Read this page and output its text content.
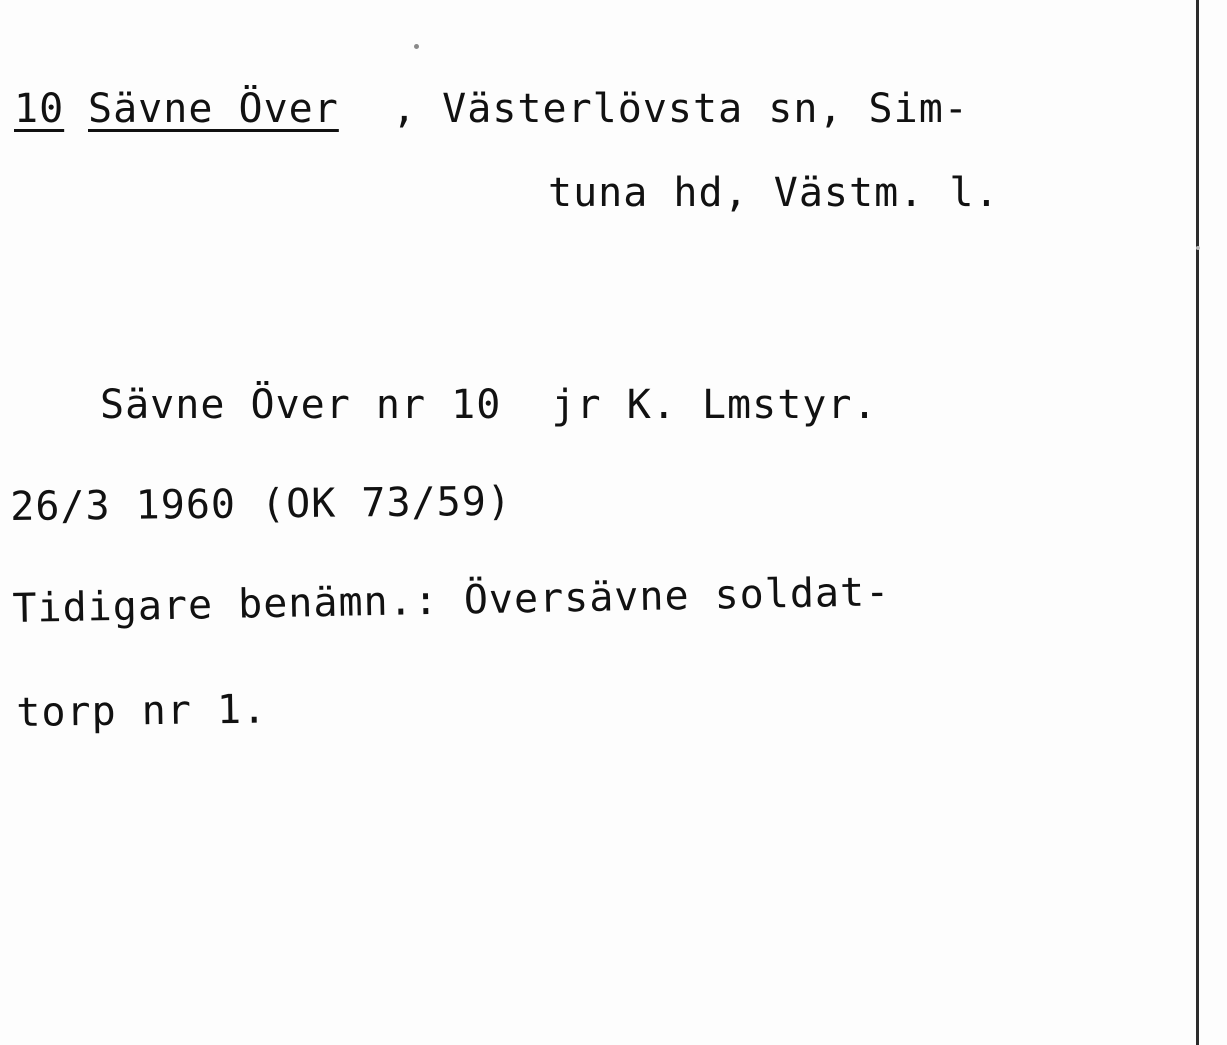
10 Sävne Över , Västerlövsta sn, Sim-
tuna hd, Västm. l.
Sävne Över nr 10  jr K. Lmstyr.
26/3 1960 (OK 73/59)
Tidigare benämn.: Översävne soldat-
torp nr 1.
